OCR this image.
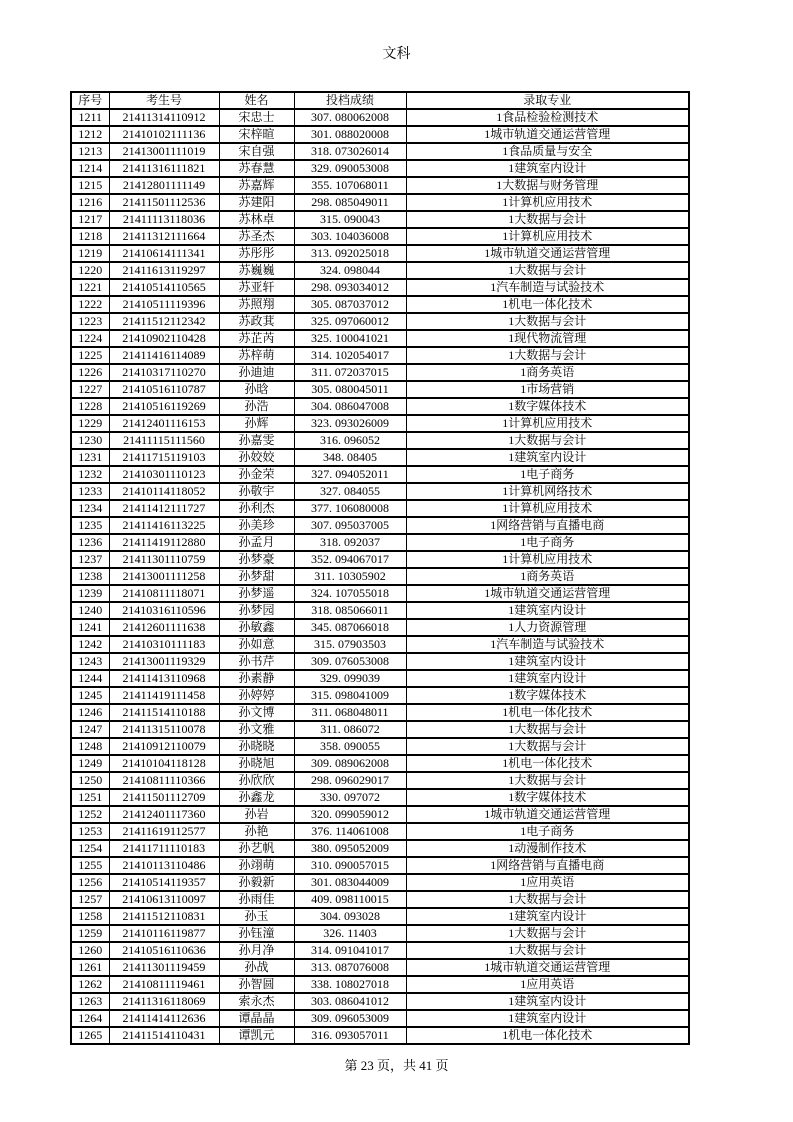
文科
序号	考生号	姓名	投档成绩	录取专业
1211	21411314110912	宋忠士	307. 080062008	1食品检验检测技术
1212	21410102111136	宋梓暄	301. 088020008	1城市轨道交通运营管理
1213	21413001111019	宋自强	318. 073026014	1食品质量与安全
1214	21411316111821	苏春慧	329. 090053008	1建筑室内设计
1215	21412801111149	苏嘉辉	355. 107068011	1大数据与财务管理
1216	21411501112536	苏建阳	298. 085049011	1计算机应用技术
1217	21411113118036	苏林卓	315. 090043	1大数据与会计
1218	21411312111664	苏圣杰	303. 104036008	1计算机应用技术
1219	21410614111341	苏彤彤	313. 092025018	1城市轨道交通运营管理
1220	21411613119297	苏巍巍	324. 098044	1大数据与会计
1221	21410514110565	苏亚轩	298. 093034012	1汽车制造与试验技术
1222	21410511119396	苏照翔	305. 087037012	1机电一体化技术
1223	21411512112342	苏政萁	325. 097060012	1大数据与会计
1224	21410902110428	苏芷芮	325. 100041021	1现代物流管理
1225	21411416114089	苏梓萌	314. 102054017	1大数据与会计
1226	21410317110270	孙迪迪	311. 072037015	1商务英语
1227	21410516110787	孙晗	305. 080045011	1市场营销
1228	21410516119269	孙浩	304. 086047008	1数字媒体技术
1229	21412401116153	孙辉	323. 093026009	1计算机应用技术
1230	21411115111560	孙嘉雯	316. 096052	1大数据与会计
1231	21411715119103	孙姣姣	348. 08405	1建筑室内设计
1232	21410301110123	孙金荣	327. 094052011	1电子商务
1233	21410114118052	孙敬宇	327. 084055	1计算机网络技术
1234	21411412111727	孙利杰	377. 106080008	1计算机应用技术
1235	21411416113225	孙美珍	307. 095037005	1网络营销与直播电商
1236	21411419112880	孙孟月	318. 092037	1电子商务
1237	21411301110759	孙梦豪	352. 094067017	1计算机应用技术
1238	21413001111258	孙梦甜	311. 10305902	1商务英语
1239	21410811118071	孙梦遥	324. 107055018	1城市轨道交通运营管理
1240	21410316110596	孙梦园	318. 085066011	1建筑室内设计
1241	21412601111638	孙敏鑫	345. 087066018	1人力资源管理
1242	21410310111183	孙如意	315. 07903503	1汽车制造与试验技术
1243	21413001119329	孙书芹	309. 076053008	1建筑室内设计
1244	21411413110968	孙素静	329. 099039	1建筑室内设计
1245	21411419111458	孙婷婷	315. 098041009	1数字媒体技术
1246	21411514110188	孙文博	311. 068048011	1机电一体化技术
1247	21411315110078	孙文雅	311. 086072	1大数据与会计
1248	21410912110079	孙晓晓	358. 090055	1大数据与会计
1249	21410104118128	孙晓旭	309. 089062008	1机电一体化技术
1250	21410811110366	孙欣欣	298. 096029017	1大数据与会计
1251	21411501112709	孙鑫龙	330. 097072	1数字媒体技术
1252	21412401117360	孙岩	320. 099059012	1城市轨道交通运营管理
1253	21411619112577	孙艳	376. 114061008	1电子商务
1254	21411711110183	孙艺帆	380. 095052009	1动漫制作技术
1255	21410113110486	孙翊萌	310. 090057015	1网络营销与直播电商
1256	21410514119357	孙毅新	301. 083044009	1应用英语
1257	21410613110097	孙雨佳	409. 098110015	1大数据与会计
1258	21411512110831	孙玉	304. 093028	1建筑室内设计
1259	21410116119877	孙钰潼	326. 11403	1大数据与会计
1260	21410516110636	孙月净	314. 091041017	1大数据与会计
1261	21411301119459	孙战	313. 087076008	1城市轨道交通运营管理
1262	21410811119461	孙智圆	338. 108027018	1应用英语
1263	21411316118069	索永杰	303. 086041012	1建筑室内设计
1264	21411414112636	谭晶晶	309. 096053009	1建筑室内设计
1265	21411514110431	谭凯元	316. 093057011	1机电一体化技术
第 23 页，共 41 页
